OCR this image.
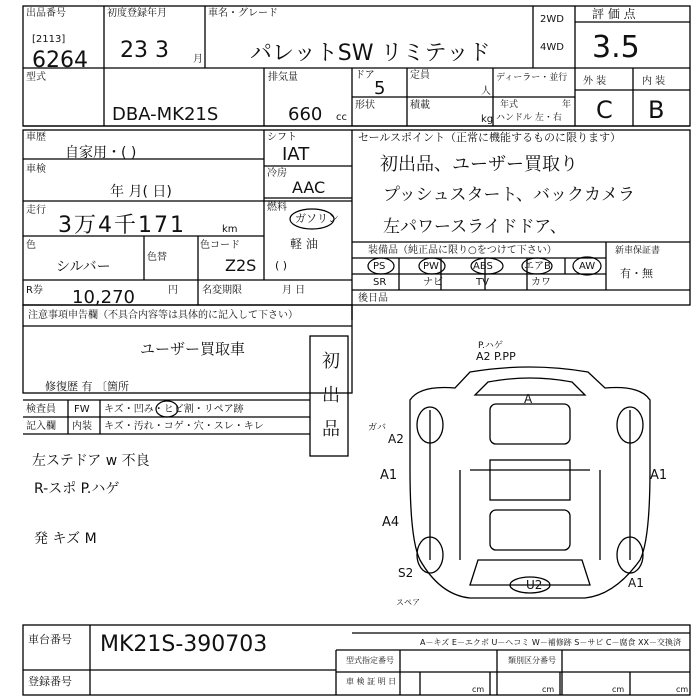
出品番号
[2113]
6264
初度登録年月
23 3 月
車名・グレード
パレットSW リミテッド
2WD
4WD
評 価 点
3.5
型式
DBA-MK21S
排気量
660 cc
ドア
5
形状
定員
人
積載
kg
ディーラー・並行
年式	年
ハンドル 左・右
外 装	内 装
C B
車歴
自家用・( )
車検
年 月( 日)
走行
3万4千171	km
色
シルバー
色替
色コード
Z2S
R券 10,270	円 名変期限	月 日
シフト
IAT
冷房
AAC
燃料
ガソリン
軽 油
( )
セールスポイント（正常に機能するものに限ります）
初出品、ユーザー買取り
プッシュスタート、バックカメラ
左パワースライドドア、
装備品（純正品に限り○をつけて下さい）
PS	PW	ABS	エアB	AW
SR	ナビ	TV	カワ
新車保証書
有・無
後日品
注意事項申告欄（不具合内容等は具体的に記入して下さい）
ユーザー買取車
初出品
修復歴 有 〔箇所
検査員
記入欄
FW キズ・凹み・ヒビ割・リペア跡
内装 キズ・汚れ・コゲ・穴・スレ・キレ
左ステドア w 不良
R-スポ P.ハゲ
発 キズ M
P.ハゲ
A2 P.PP
A
ガバ
A2
A1	A1
A4
U2
S2
A1
スペア
A－キズ E－エクボ U－ヘコミ W－補修跡 S－サビ C－腐食 XX－交換済
車台番号 MK21S-390703
登録番号
型式指定番号	類別区分番号
車 検 証 明 日
cm	cm	cm	cm
